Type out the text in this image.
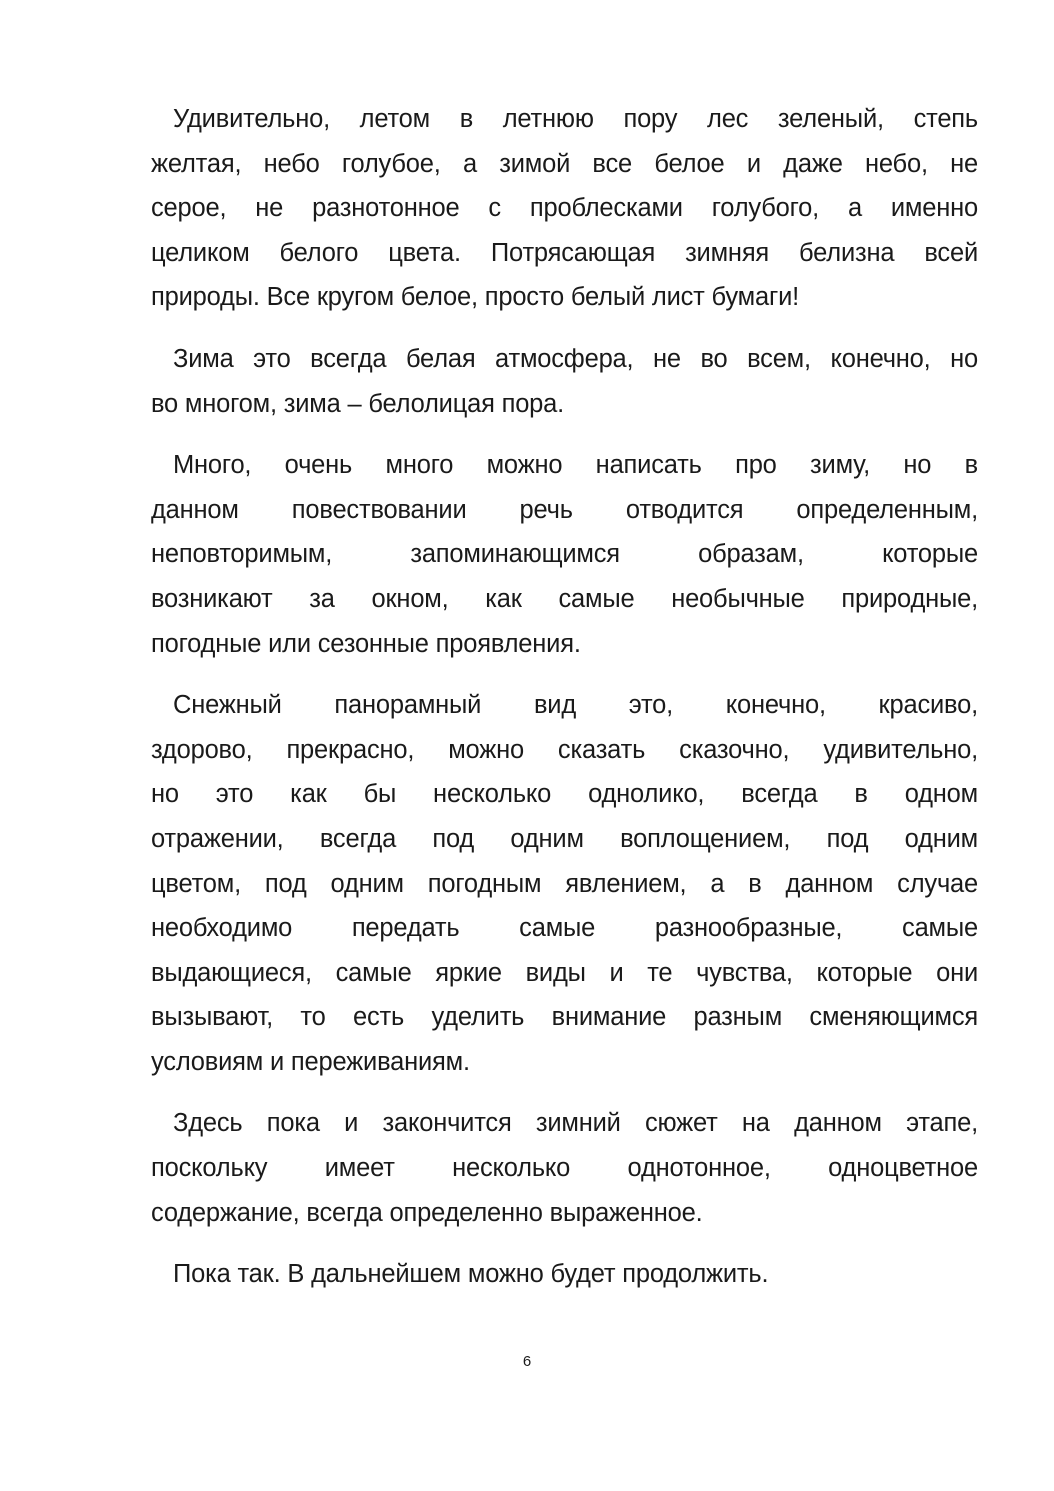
Удивительно, летом в летнюю пору лес зеленый, степь
желтая, небо голубое, а зимой все белое и даже небо, не
серое, не разнотонное с проблесками голубого, а именно
целиком белого цвета. Потрясающая зимняя белизна всей
природы. Все кругом белое, просто белый лист бумаги!
Зима это всегда белая атмосфера, не во всем, конечно, но
во многом, зима – белолицая пора.
Много, очень много можно написать про зиму, но в
данном повествовании речь отводится определенным,
неповторимым, запоминающимся образам, которые
возникают за окном, как самые необычные природные,
погодные или сезонные проявления.
Снежный панорамный вид это, конечно, красиво,
здорово, прекрасно, можно сказать сказочно, удивительно,
но это как бы несколько однолико, всегда в одном
отражении, всегда под одним воплощением, под одним
цветом, под одним погодным явлением, а в данном случае
необходимо передать самые разнообразные, самые
выдающиеся, самые яркие виды и те чувства, которые они
вызывают, то есть уделить внимание разным сменяющимся
условиям и переживаниям.
Здесь пока и закончится зимний сюжет на данном этапе,
поскольку имеет несколько однотонное, одноцветное
содержание, всегда определенно выраженное.
Пока так. В дальнейшем можно будет продолжить.
6
